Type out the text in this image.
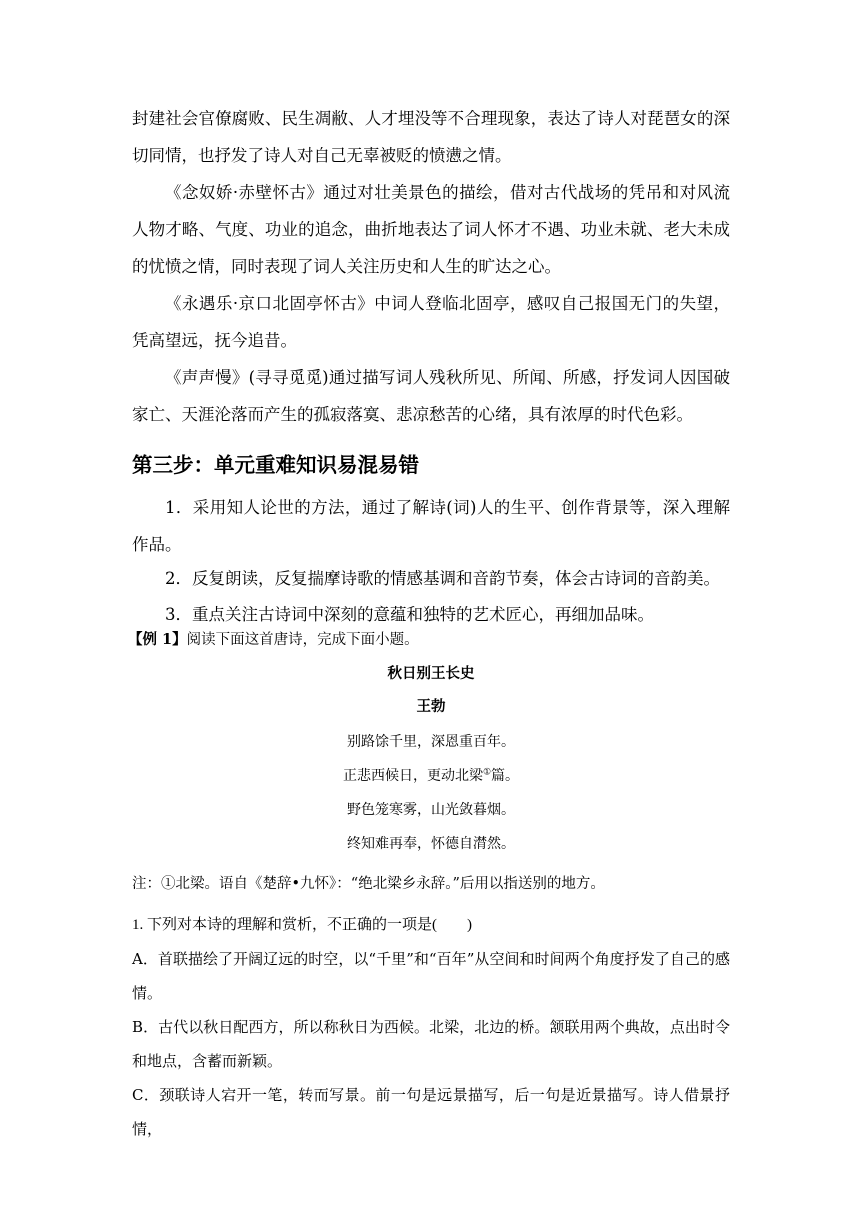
封建社会官僚腐败、民生凋敝、人才埋没等不合理现象，表达了诗人对琵琶女的深切同情，也抒发了诗人对自己无辜被贬的愤懑之情。

《念奴娇·赤壁怀古》通过对壮美景色的描绘，借对古代战场的凭吊和对风流人物才略、气度、功业的追念，曲折地表达了词人怀才不遇、功业未就、老大未成的忧愤之情，同时表现了词人关注历史和人生的旷达之心。

《永遇乐·京口北固亭怀古》中词人登临北固亭，感叹自己报国无门的失望，凭高望远，抚今追昔。

《声声慢》(寻寻觅觅)通过描写词人残秋所见、所闻、所感，抒发词人因国破家亡、天涯沦落而产生的孤寂落寞、悲凉愁苦的心绪，具有浓厚的时代色彩。

第三步：单元重难知识易混易错

1．采用知人论世的方法，通过了解诗(词)人的生平、创作背景等，深入理解作品。

2．反复朗读，反复揣摩诗歌的情感基调和音韵节奏，体会古诗词的音韵美。

3．重点关注古诗词中深刻的意蕴和独特的艺术匠心，再细加品味。

【例 1】阅读下面这首唐诗，完成下面小题。

秋日别王长史

王勃

别路馀千里，深恩重百年。
正悲西候日，更动北梁①篇。
野色笼寒雾，山光敛暮烟。
终知难再奉，怀德自潸然。

注：①北梁。语自《楚辞•九怀》：“绝北梁乡永辞。”后用以指送别的地方。

1. 下列对本诗的理解和赏析，不正确的一项是(　　)

A．首联描绘了开阔辽远的时空，以“千里”和“百年”从空间和时间两个角度抒发了自己的感情。

B．古代以秋日配西方，所以称秋日为西候。北梁，北边的桥。颔联用两个典故，点出时令和地点，含蓄而新颖。

C．颈联诗人宕开一笔，转而写景。前一句是远景描写，后一句是近景描写。诗人借景抒情，
